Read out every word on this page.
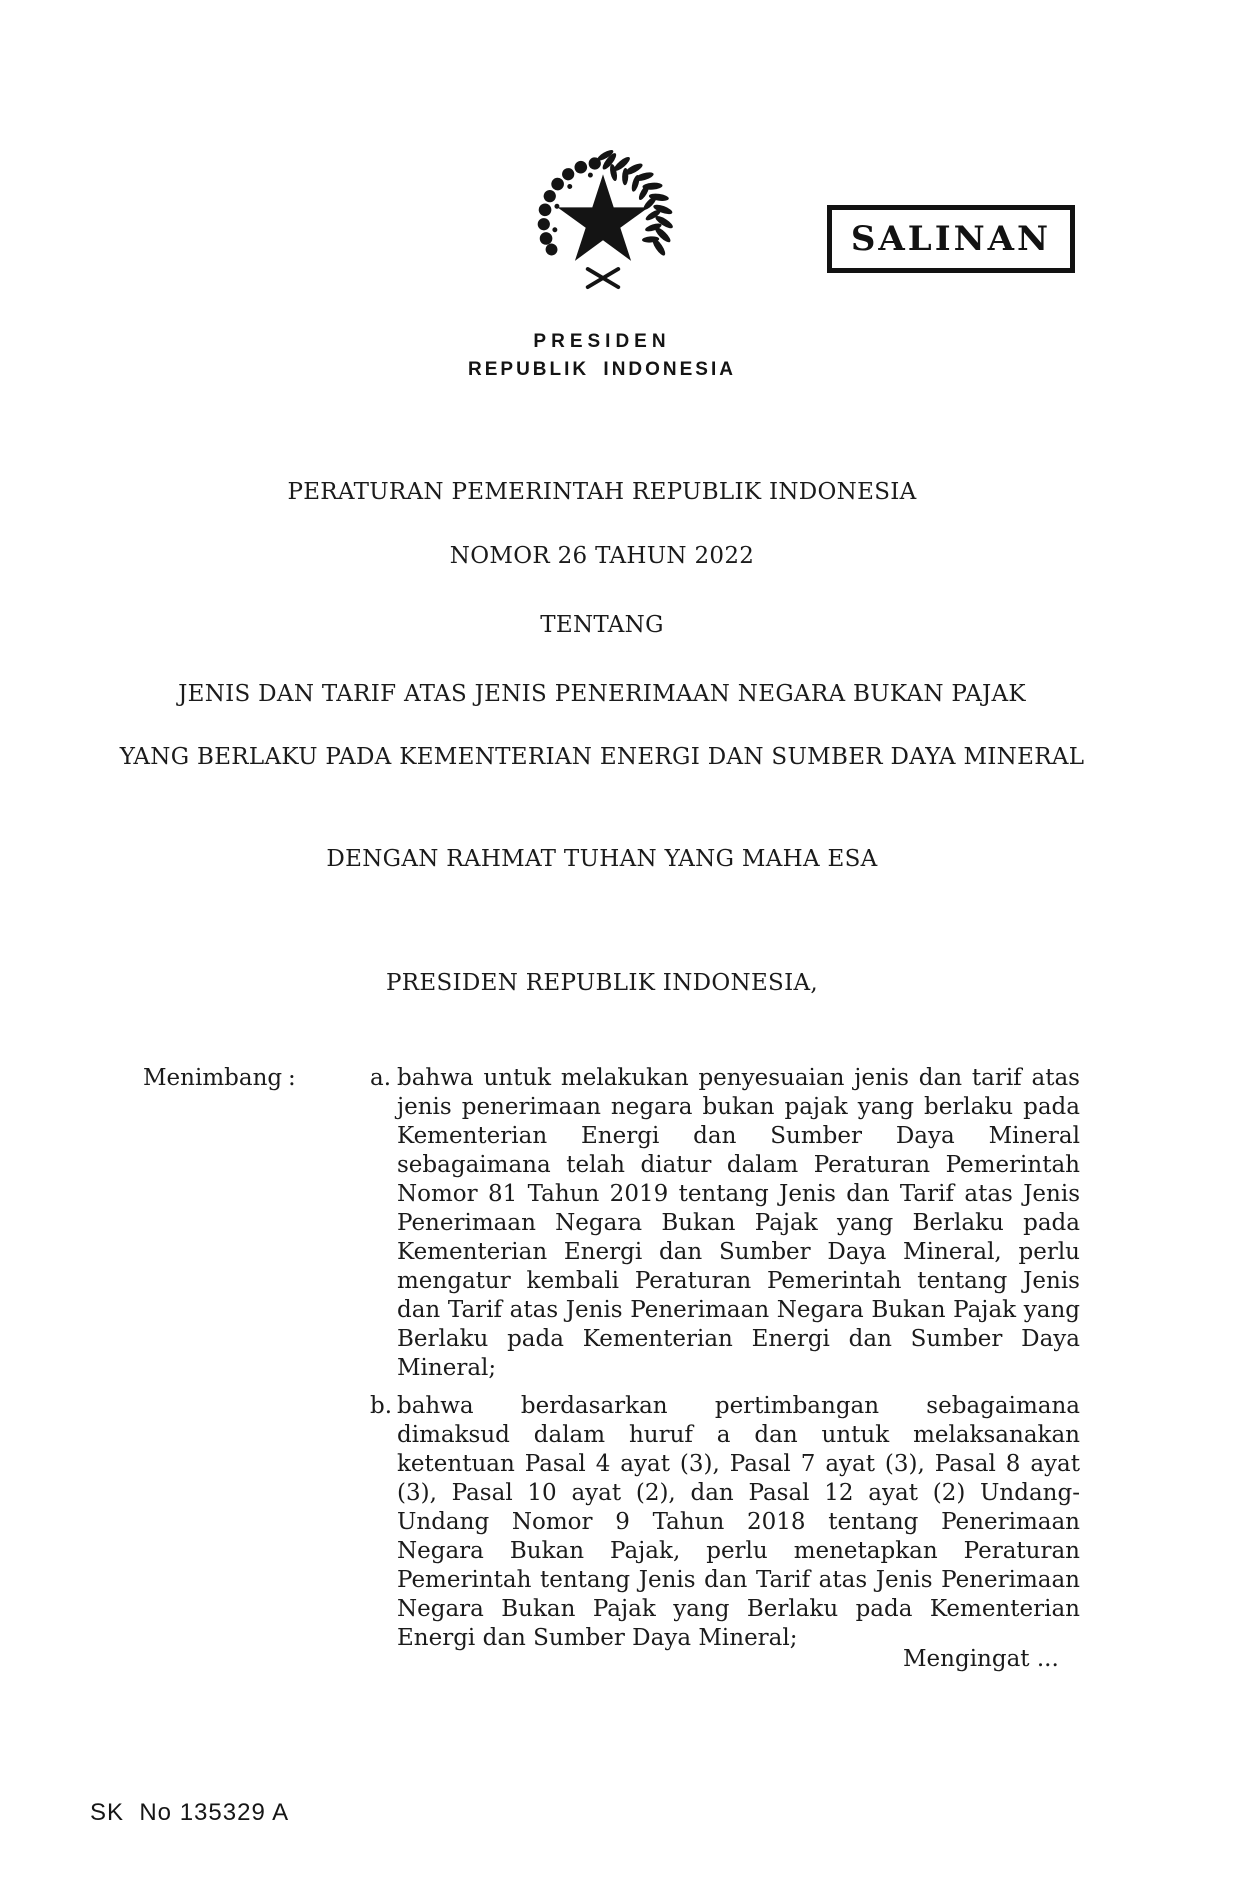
SALINAN
PRESIDEN
REPUBLIK INDONESIA
PERATURAN PEMERINTAH REPUBLIK INDONESIA
NOMOR 26 TAHUN 2022
TENTANG
JENIS DAN TARIF ATAS JENIS PENERIMAAN NEGARA BUKAN PAJAK
YANG BERLAKU PADA KEMENTERIAN ENERGI DAN SUMBER DAYA MINERAL
DENGAN RAHMAT TUHAN YANG MAHA ESA
PRESIDEN REPUBLIK INDONESIA,
Menimbang :	a. bahwa untuk melakukan penyesuaian jenis dan tarif atas jenis penerimaan negara bukan pajak yang berlaku pada Kementerian Energi dan Sumber Daya Mineral sebagaimana telah diatur dalam Peraturan Pemerintah Nomor 81 Tahun 2019 tentang Jenis dan Tarif atas Jenis Penerimaan Negara Bukan Pajak yang Berlaku pada Kementerian Energi dan Sumber Daya Mineral, perlu mengatur kembali Peraturan Pemerintah tentang Jenis dan Tarif atas Jenis Penerimaan Negara Bukan Pajak yang Berlaku pada Kementerian Energi dan Sumber Daya Mineral;

b. bahwa berdasarkan pertimbangan sebagaimana dimaksud dalam huruf a dan untuk melaksanakan ketentuan Pasal 4 ayat (3), Pasal 7 ayat (3), Pasal 8 ayat (3), Pasal 10 ayat (2), dan Pasal 12 ayat (2) Undang-Undang Nomor 9 Tahun 2018 tentang Penerimaan Negara Bukan Pajak, perlu menetapkan Peraturan Pemerintah tentang Jenis dan Tarif atas Jenis Penerimaan Negara Bukan Pajak yang Berlaku pada Kementerian Energi dan Sumber Daya Mineral;

Mengingat ...
SK  No 135329 A
